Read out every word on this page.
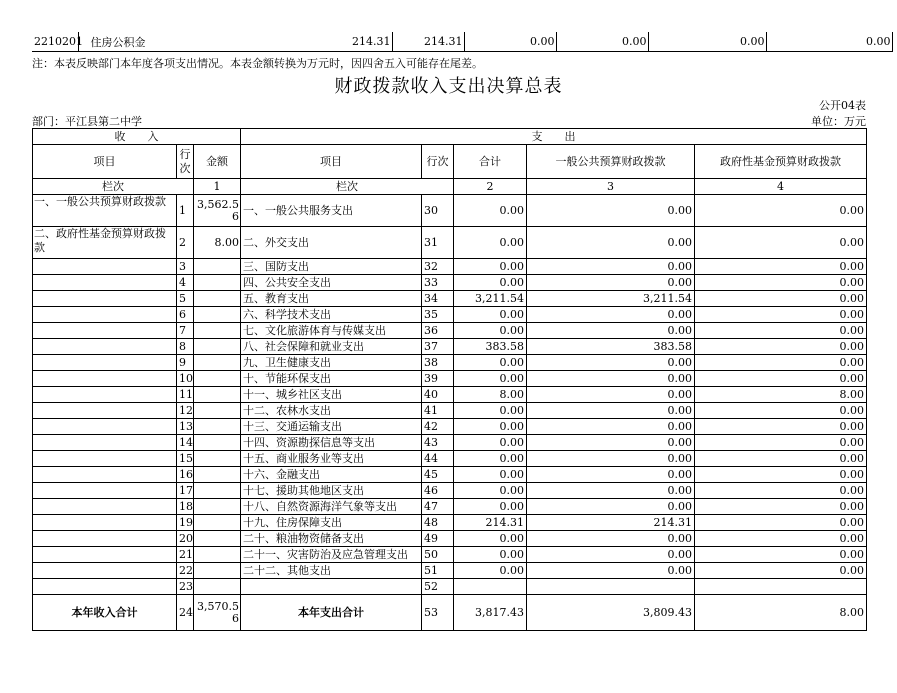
2210201	住房公积金	214.31	214.31	0.00	0.00	0.00	0.00
注：本表反映部门本年度各项支出情况。本表金额转换为万元时，因四舍五入可能存在尾差。
财政拨款收入支出决算总表
公开04表
部门：平江县第二中学	单位：万元
收　　入			支　　出				
项目	行次	金额	项目	行次	合计	一般公共预算财政拨款	政府性基金预算财政拨款
栏次		1	栏次		2	3	4
一、一般公共预算财政拨款	1	3,562.56	一、一般公共服务支出	30	0.00	0.00	0.00
二、政府性基金预算财政拨款	2	8.00	二、外交支出	31	0.00	0.00	0.00
	3		三、国防支出	32	0.00	0.00	0.00
	4		四、公共安全支出	33	0.00	0.00	0.00
	5		五、教育支出	34	3,211.54	3,211.54	0.00
	6		六、科学技术支出	35	0.00	0.00	0.00
	7		七、文化旅游体育与传媒支出	36	0.00	0.00	0.00
	8		八、社会保障和就业支出	37	383.58	383.58	0.00
	9		九、卫生健康支出	38	0.00	0.00	0.00
	10		十、节能环保支出	39	0.00	0.00	0.00
	11		十一、城乡社区支出	40	8.00	0.00	8.00
	12		十二、农林水支出	41	0.00	0.00	0.00
	13		十三、交通运输支出	42	0.00	0.00	0.00
	14		十四、资源勘探信息等支出	43	0.00	0.00	0.00
	15		十五、商业服务业等支出	44	0.00	0.00	0.00
	16		十六、金融支出	45	0.00	0.00	0.00
	17		十七、援助其他地区支出	46	0.00	0.00	0.00
	18		十八、自然资源海洋气象等支出	47	0.00	0.00	0.00
	19		十九、住房保障支出	48	214.31	214.31	0.00
	20		二十、粮油物资储备支出	49	0.00	0.00	0.00
	21		二十一、灾害防治及应急管理支出	50	0.00	0.00	0.00
	22		二十二、其他支出	51	0.00	0.00	0.00
	23			52			
本年收入合计	24	3,570.56	本年支出合计	53	3,817.43	3,809.43	8.00
